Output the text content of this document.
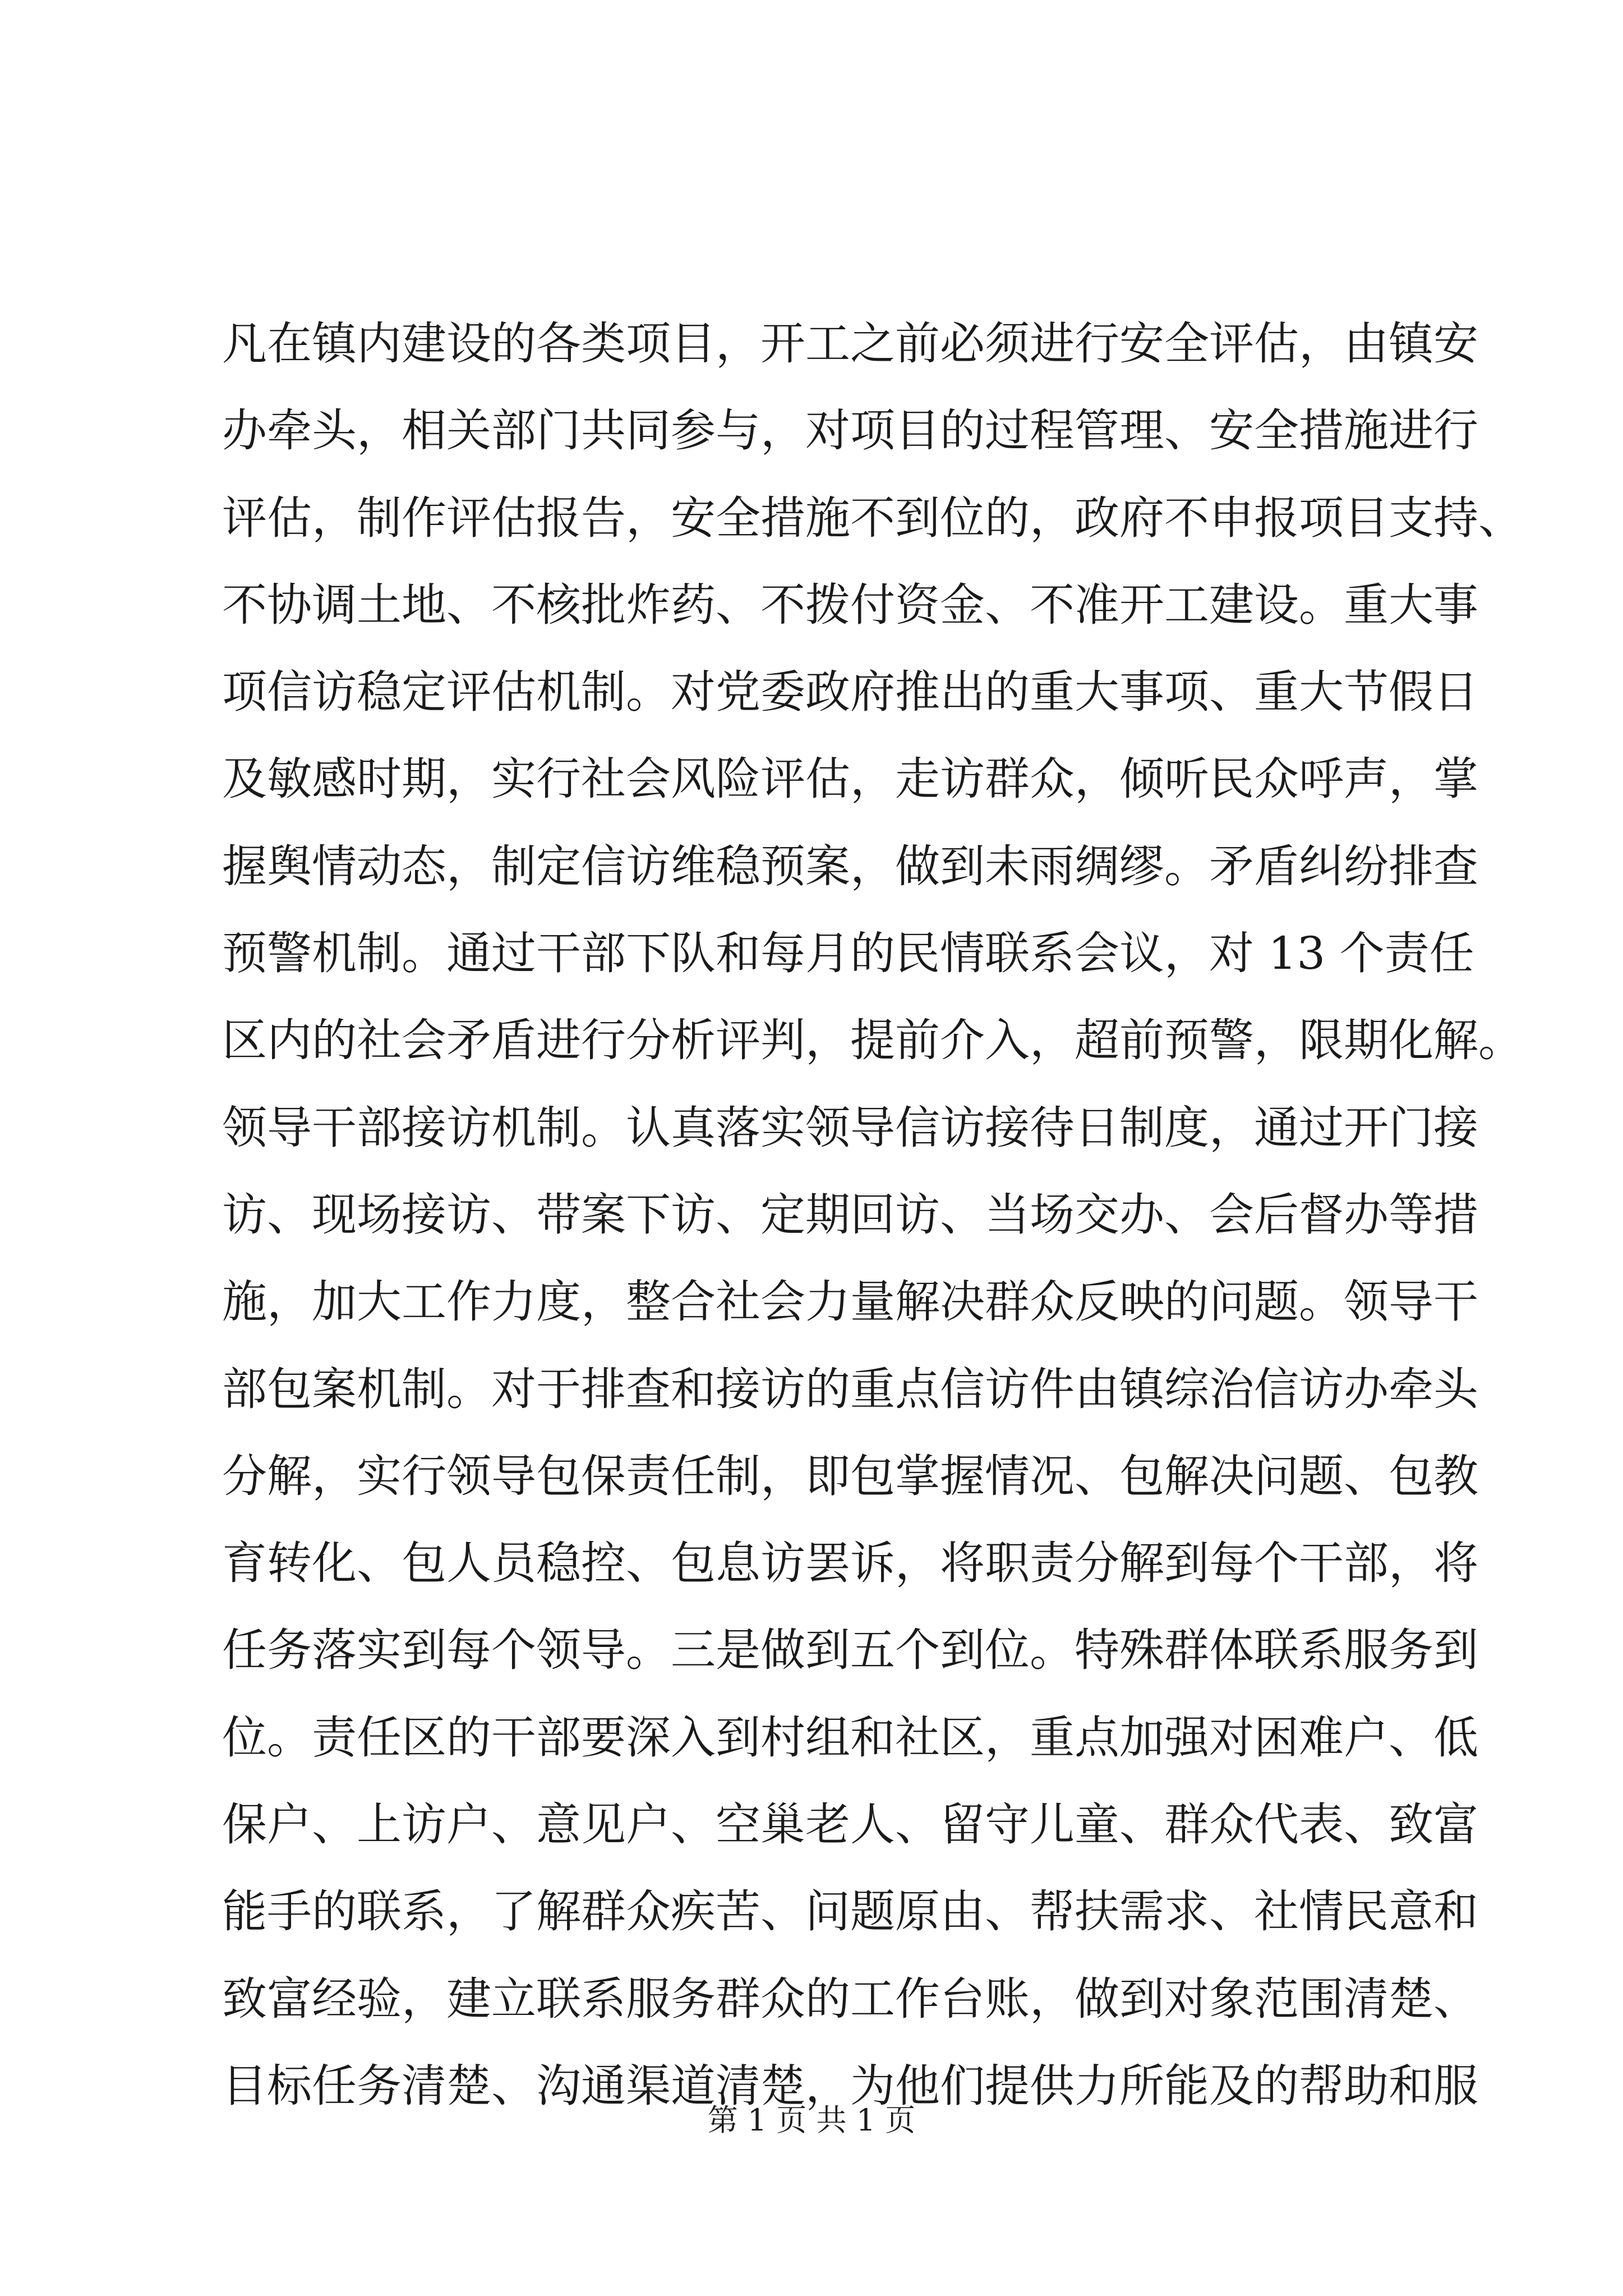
凡在镇内建设的各类项目，开工之前必须进行安全评估，由镇安
办牵头，相关部门共同参与，对项目的过程管理、安全措施进行
评估，制作评估报告，安全措施不到位的，政府不申报项目支持、
不协调土地、不核批炸药、不拨付资金、不准开工建设。重大事
项信访稳定评估机制。对党委政府推出的重大事项、重大节假日
及敏感时期，实行社会风险评估，走访群众，倾听民众呼声，掌
握舆情动态，制定信访维稳预案，做到未雨绸缪。矛盾纠纷排查
预警机制。通过干部下队和每月的民情联系会议，对 13 个责任
区内的社会矛盾进行分析评判，提前介入，超前预警，限期化解。
领导干部接访机制。认真落实领导信访接待日制度，通过开门接
访、现场接访、带案下访、定期回访、当场交办、会后督办等措
施，加大工作力度，整合社会力量解决群众反映的问题。领导干
部包案机制。对于排查和接访的重点信访件由镇综治信访办牵头
分解，实行领导包保责任制，即包掌握情况、包解决问题、包教
育转化、包人员稳控、包息访罢诉，将职责分解到每个干部，将
任务落实到每个领导。三是做到五个到位。特殊群体联系服务到
位。责任区的干部要深入到村组和社区，重点加强对困难户、低
保户、上访户、意见户、空巢老人、留守儿童、群众代表、致富
能手的联系，了解群众疾苦、问题原由、帮扶需求、社情民意和
致富经验，建立联系服务群众的工作台账，做到对象范围清楚、
目标任务清楚、沟通渠道清楚，为他们提供力所能及的帮助和服
第 1 页 共 1 页
